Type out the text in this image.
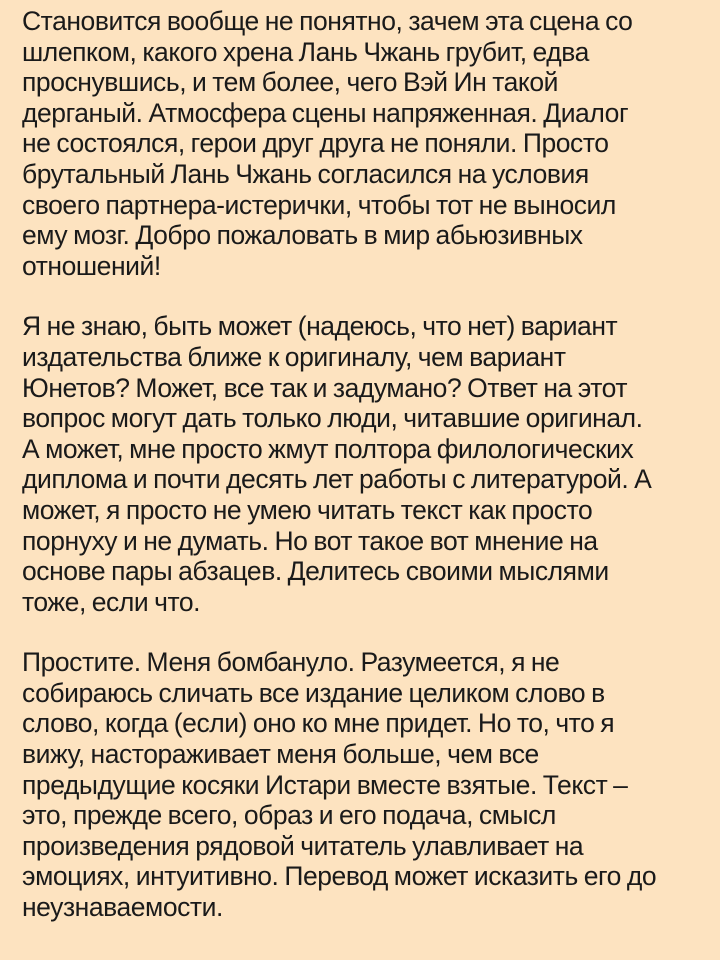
Становится вообще не понятно, зачем эта сцена со
шлепком, какого хрена Лань Чжань грубит, едва
проснувшись, и тем более, чего Вэй Ин такой
дерганый. Атмосфера сцены напряженная. Диалог
не состоялся, герои друг друга не поняли. Просто
брутальный Лань Чжань согласился на условия
своего партнера-истерички, чтобы тот не выносил
ему мозг. Добро пожаловать в мир абьюзивных
отношений!

Я не знаю, быть может (надеюсь, что нет) вариант
издательства ближе к оригиналу, чем вариант
Юнетов? Может, все так и задумано? Ответ на этот
вопрос могут дать только люди, читавшие оригинал.
А может, мне просто жмут полтора филологических
диплома и почти десять лет работы с литературой. А
может, я просто не умею читать текст как просто
порнуху и не думать. Но вот такое вот мнение на
основе пары абзацев. Делитесь своими мыслями
тоже, если что.

Простите. Меня бомбануло. Разумеется, я не
собираюсь сличать все издание целиком слово в
слово, когда (если) оно ко мне придет. Но то, что я
вижу, настораживает меня больше, чем все
предыдущие косяки Истари вместе взятые. Текст –
это, прежде всего, образ и его подача, смысл
произведения рядовой читатель улавливает на
эмоциях, интуитивно. Перевод может исказить его до
неузнаваемости.
